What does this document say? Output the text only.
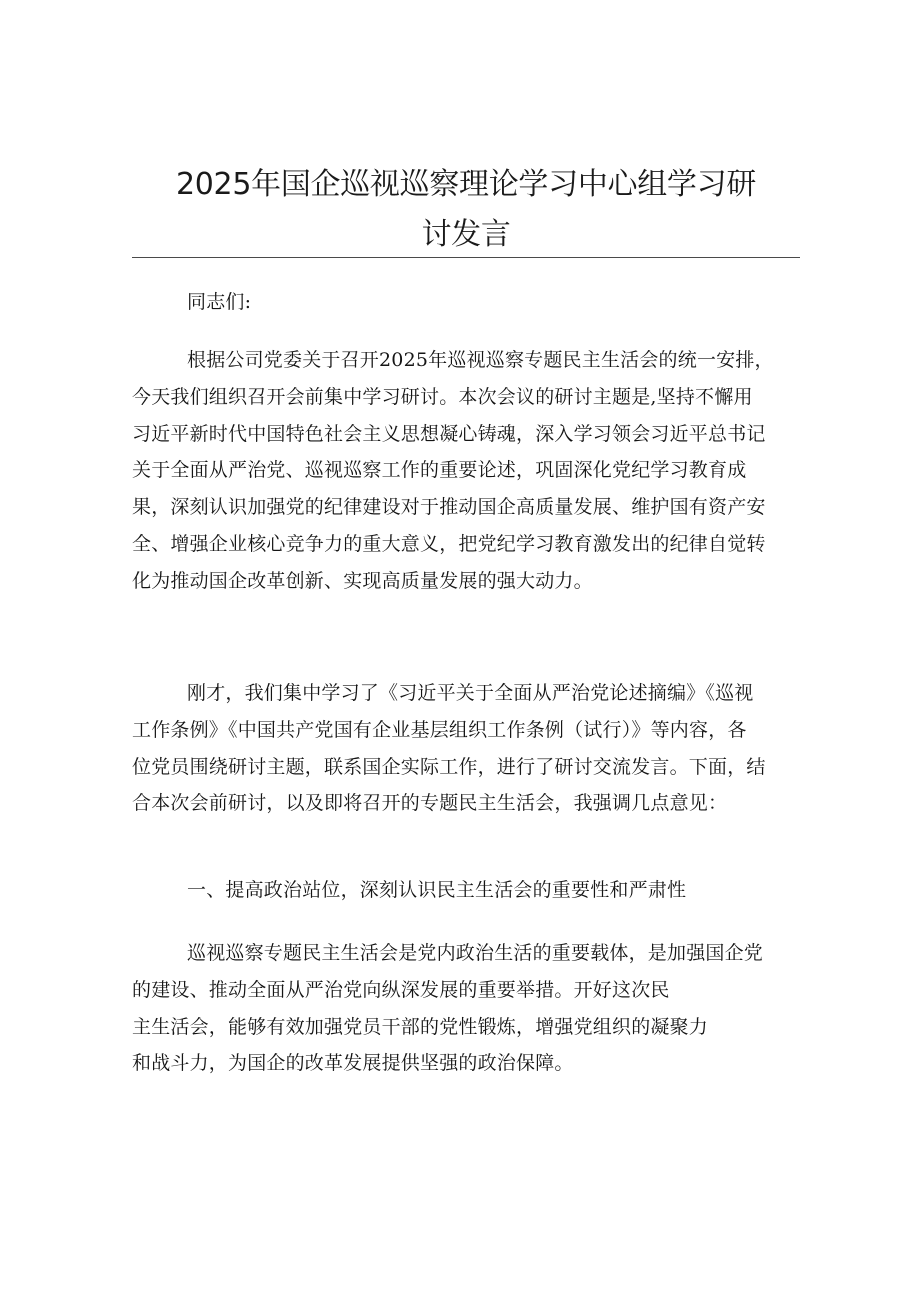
2025年国企巡视巡察理论学习中心组学习研
讨发言
同志们:
根据公司党委关于召开2025年巡视巡察专题民主生活会的统一安排，
今天我们组织召开会前集中学习研讨。本次会议的研讨主题是,坚持不懈用
习近平新时代中国特色社会主义思想凝心铸魂，深入学习领会习近平总书记
关于全面从严治党、巡视巡察工作的重要论述，巩固深化党纪学习教育成
果，深刻认识加强党的纪律建设对于推动国企高质量发展、维护国有资产安
全、增强企业核心竞争力的重大意义，把党纪学习教育激发出的纪律自觉转
化为推动国企改革创新、实现高质量发展的强大动力。
刚才，我们集中学习了《习近平关于全面从严治党论述摘编》《巡视
工作条例》《中国共产党国有企业基层组织工作条例（试行）》等内容，各
位党员围绕研讨主题，联系国企实际工作，进行了研讨交流发言。下面，结
合本次会前研讨，以及即将召开的专题民主生活会，我强调几点意见：
一、提高政治站位，深刻认识民主生活会的重要性和严肃性
巡视巡察专题民主生活会是党内政治生活的重要载体，是加强国企党
的建设、推动全面从严治党向纵深发展的重要举措。开好这次民
主生活会，能够有效加强党员干部的党性锻炼，增强党组织的凝聚力
和战斗力，为国企的改革发展提供坚强的政治保障。
